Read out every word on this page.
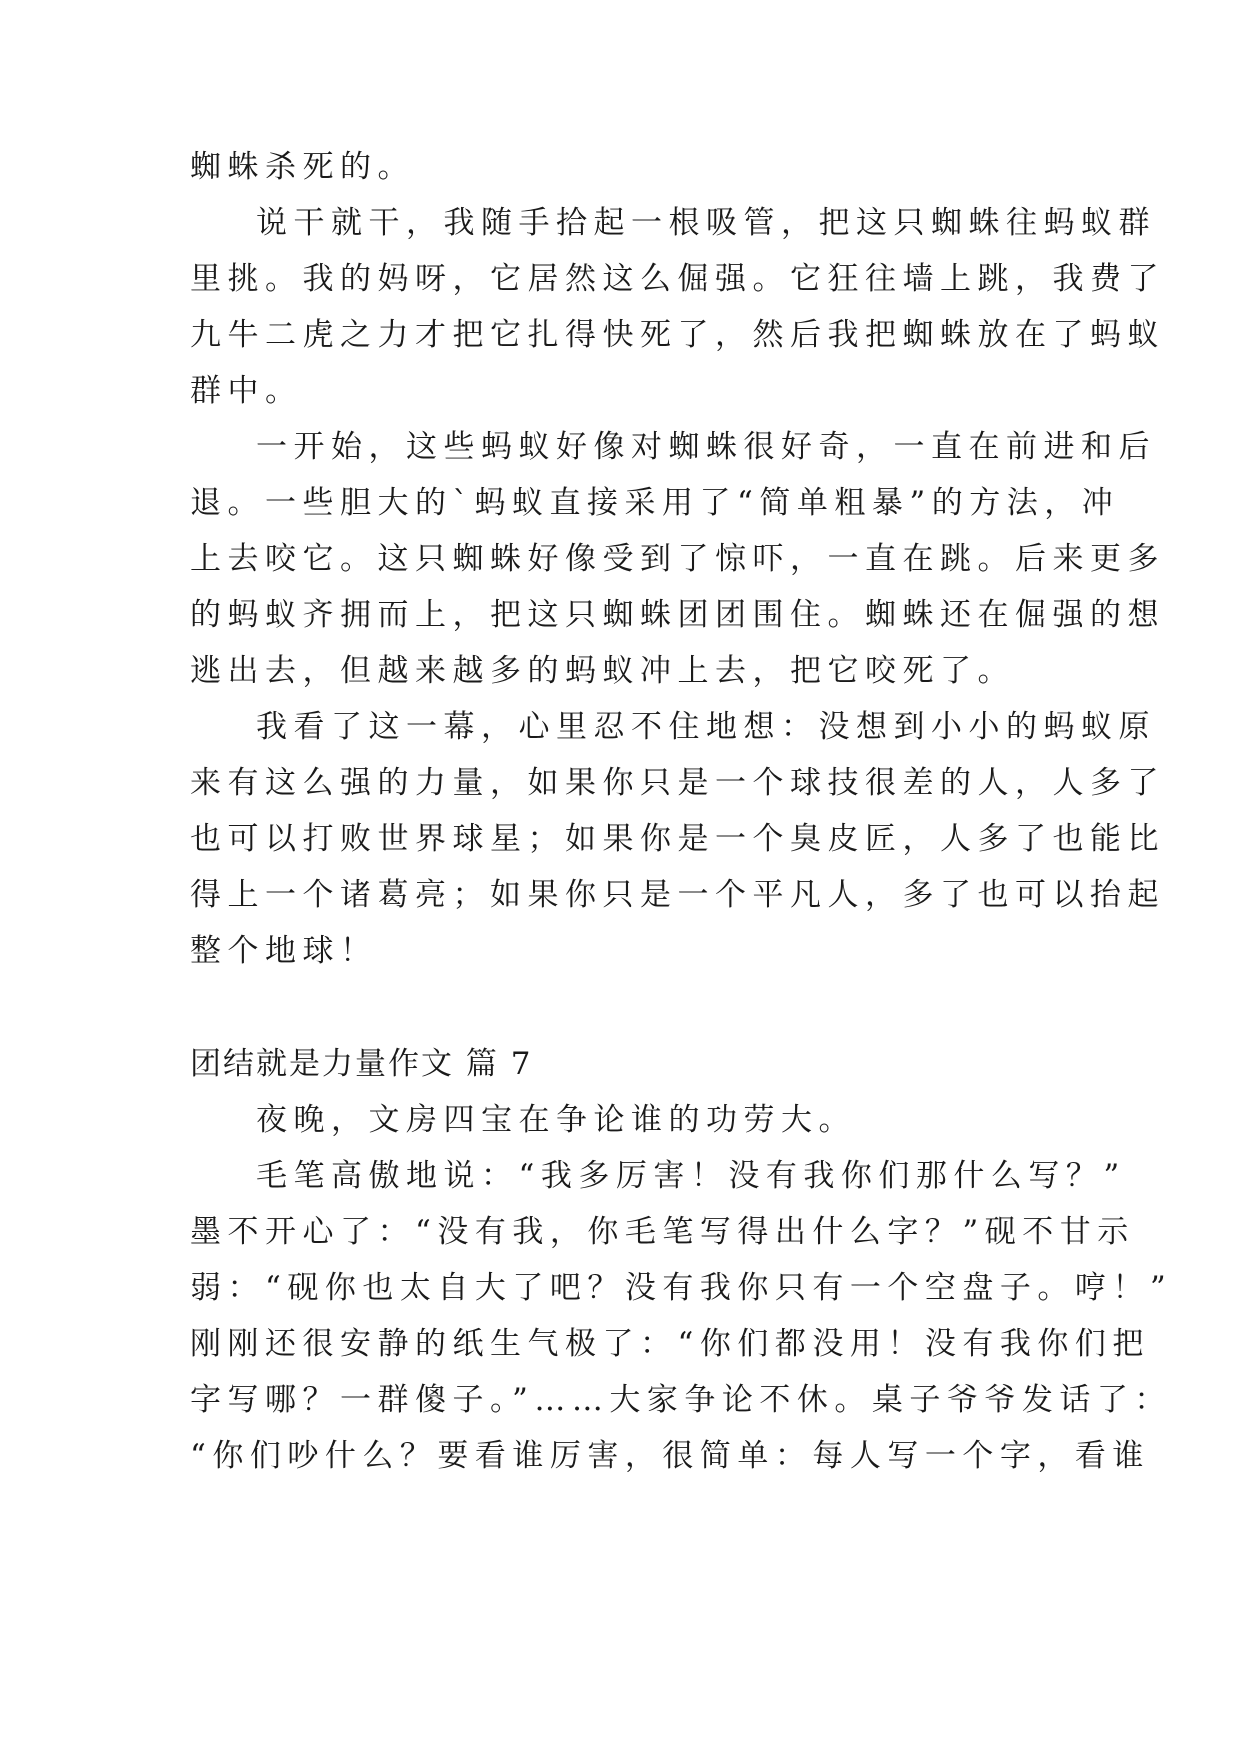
蜘蛛杀死的。

说干就干，我随手拾起一根吸管，把这只蜘蛛往蚂蚁群

里挑。我的妈呀，它居然这么倔强。它狂往墙上跳，我费了

九牛二虎之力才把它扎得快死了，然后我把蜘蛛放在了蚂蚁

群中。

一开始，这些蚂蚁好像对蜘蛛很好奇，一直在前进和后

退。一些胆大的`蚂蚁直接采用了“简单粗暴”的方法，冲

上去咬它。这只蜘蛛好像受到了惊吓，一直在跳。后来更多

的蚂蚁齐拥而上，把这只蜘蛛团团围住。蜘蛛还在倔强的想

逃出去，但越来越多的蚂蚁冲上去，把它咬死了。

我看了这一幕，心里忍不住地想：没想到小小的蚂蚁原

来有这么强的力量，如果你只是一个球技很差的人，人多了

也可以打败世界球星；如果你是一个臭皮匠，人多了也能比

得上一个诸葛亮；如果你只是一个平凡人，多了也可以抬起

整个地球！

团结就是力量作文 篇 7

夜晚，文房四宝在争论谁的功劳大。

毛笔高傲地说：“我多厉害！没有我你们那什么写？”

墨不开心了：“没有我，你毛笔写得出什么字？”砚不甘示

弱：“砚你也太自大了吧？没有我你只有一个空盘子。哼！”

刚刚还很安静的纸生气极了：“你们都没用！没有我你们把

字写哪？一群傻子。”……大家争论不休。桌子爷爷发话了：

“你们吵什么？要看谁厉害，很简单：每人写一个字，看谁
